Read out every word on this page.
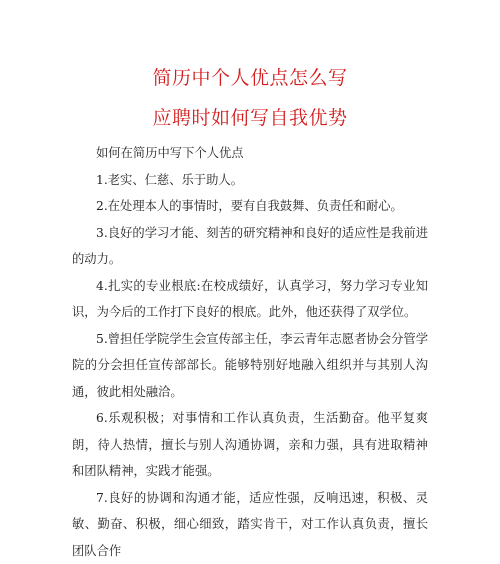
简历中个人优点怎么写
应聘时如何写自我优势

如何在简历中写下个人优点

1.老实、仁慈、乐于助人。

2.在处理本人的事情时，要有自我鼓舞、负责任和耐心。

3.良好的学习才能、刻苦的研究精神和良好的适应性是我前进的动力。

4.扎实的专业根底:在校成绩好，认真学习，努力学习专业知识，为今后的工作打下良好的根底。此外，他还获得了双学位。

5.曾担任学院学生会宣传部主任，李云青年志愿者协会分管学院的分会担任宣传部部长。能够特别好地融入组织并与其别人沟通，彼此相处融洽。

6.乐观积极；对事情和工作认真负责，生活勤奋。他平复爽朗，待人热情，擅长与别人沟通协调，亲和力强，具有进取精神和团队精神，实践才能强。

7.良好的协调和沟通才能，适应性强，反响迅速，积极、灵敏、勤奋、积极，细心细致，踏实肯干，对工作认真负责，擅长团队合作
